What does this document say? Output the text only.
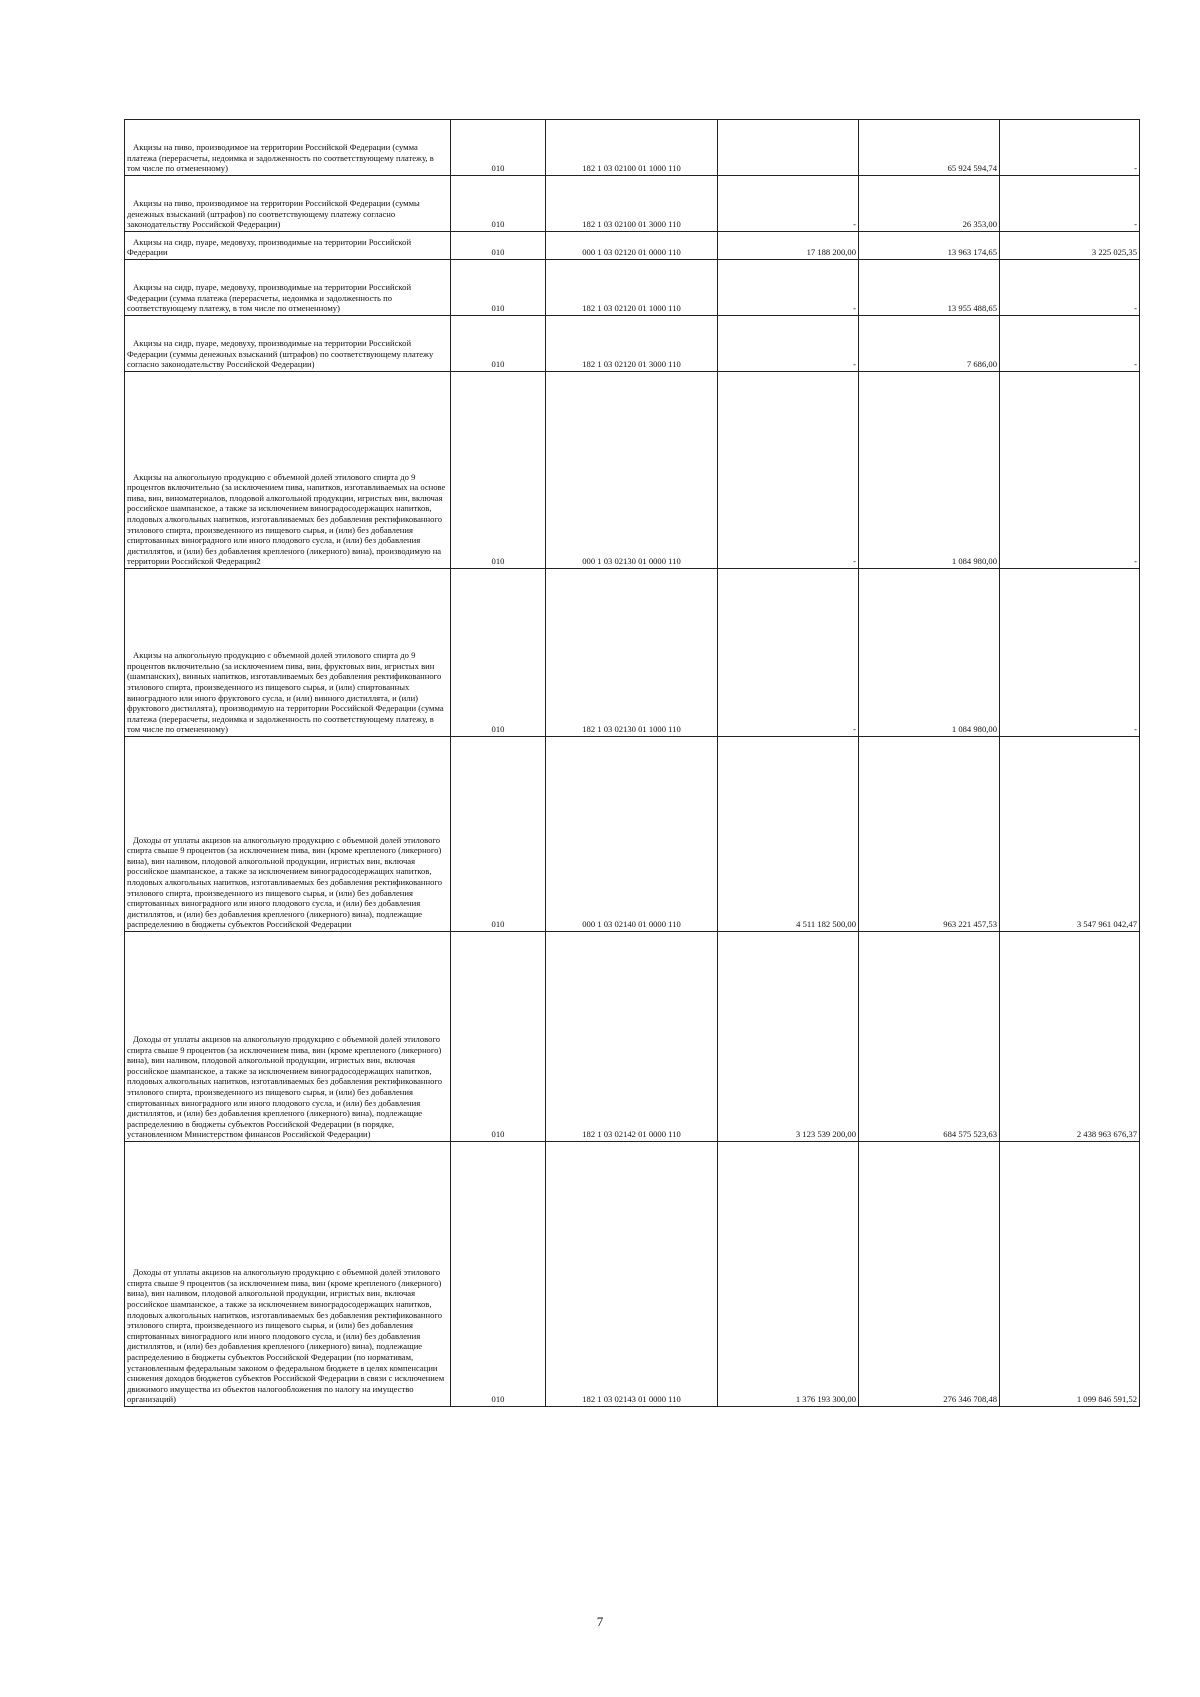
Акцизы на пиво, производимое на территории Российской Федерации (сумма платежа (перерасчеты, недоимка и задолженность по соответствующему платежу, в том числе по отмененному)	010	182 1 03 02100 01 1000 110		65 924 594,74	-

Акцизы на пиво, производимое на территории Российской Федерации (суммы денежных взысканий (штрафов) по соответствующему платежу согласно законодательству Российской Федерации)	010	182 1 03 02100 01 3000 110	-	26 353,00	-

Акцизы на сидр, пуаре, медовуху, производимые на территории Российской Федерации	010	000 1 03 02120 01 0000 110	17 188 200,00	13 963 174,65	3 225 025,35

Акцизы на сидр, пуаре, медовуху, производимые на территории Российской Федерации (сумма платежа (перерасчеты, недоимка и задолженность по соответствующему платежу, в том числе по отмененному)	010	182 1 03 02120 01 1000 110	-	13 955 488,65	-

Акцизы на сидр, пуаре, медовуху, производимые на территории Российской Федерации (суммы денежных взысканий (штрафов) по соответствующему платежу согласно законодательству Российской Федерации)	010	182 1 03 02120 01 3000 110	-	7 686,00	-

Акцизы на алкогольную продукцию с объемной долей этилового спирта до 9 процентов включительно (за исключением пива, напитков, изготавливаемых на основе пива, вин, виноматериалов, плодовой алкогольной продукции, игристых вин, включая российское шампанское, а также за исключением виноградосодержащих напитков, плодовых алкогольных напитков, изготавливаемых без добавления ректификованного этилового спирта, произведенного из пищевого сырья, и (или) без добавления спиртованных виноградного или иного плодового сусла, и (или) без добавления дистиллятов, и (или) без добавления крепленого (ликерного) вина), производимую на территории Российской Федерации2	010	000 1 03 02130 01 0000 110	-	1 084 980,00	-

Акцизы на алкогольную продукцию с объемной долей этилового спирта до 9 процентов включительно (за исключением пива, вин, фруктовых вин, игристых вин (шампанских), винных напитков, изготавливаемых без добавления ректификованного этилового спирта, произведенного из пищевого сырья, и (или) спиртованных виноградного или иного фруктового сусла, и (или) винного дистиллята, и (или) фруктового дистиллята), производимую на территории Российской Федерации (сумма платежа (перерасчеты, недоимка и задолженность по соответствующему платежу, в том числе по отмененному)	010	182 1 03 02130 01 1000 110	-	1 084 980,00	-

Доходы от уплаты акцизов на алкогольную продукцию с объемной долей этилового спирта свыше 9 процентов (за исключением пива, вин (кроме крепленого (ликерного) вина), вин наливом, плодовой алкогольной продукции, игристых вин, включая российское шампанское, а также за исключением виноградосодержащих напитков, плодовых алкогольных напитков, изготавливаемых без добавления ректификованного этилового спирта, произведенного из пищевого сырья, и (или) без добавления спиртованных виноградного или иного плодового сусла, и (или) без добавления дистиллятов, и (или) без добавления крепленого (ликерного) вина), подлежащие распределению в бюджеты субъектов Российской Федерации	010	000 1 03 02140 01 0000 110	4 511 182 500,00	963 221 457,53	3 547 961 042,47

Доходы от уплаты акцизов на алкогольную продукцию с объемной долей этилового спирта свыше 9 процентов (за исключением пива, вин (кроме крепленого (ликерного) вина), вин наливом, плодовой алкогольной продукции, игристых вин, включая российское шампанское, а также за исключением виноградосодержащих напитков, плодовых алкогольных напитков, изготавливаемых без добавления ректификованного этилового спирта, произведенного из пищевого сырья, и (или) без добавления спиртованных виноградного или иного плодового сусла, и (или) без добавления дистиллятов, и (или) без добавления крепленого (ликерного) вина), подлежащие распределению в бюджеты субъектов Российской Федерации (в порядке, установленном Министерством финансов Российской Федерации)	010	182 1 03 02142 01 0000 110	3 123 539 200,00	684 575 523,63	2 438 963 676,37

Доходы от уплаты акцизов на алкогольную продукцию с объемной долей этилового спирта свыше 9 процентов (за исключением пива, вин (кроме крепленого (ликерного) вина), вин наливом, плодовой алкогольной продукции, игристых вин, включая российское шампанское, а также за исключением виноградосодержащих напитков, плодовых алкогольных напитков, изготавливаемых без добавления ректификованного этилового спирта, произведенного из пищевого сырья, и (или) без добавления спиртованных виноградного или иного плодового сусла, и (или) без добавления дистиллятов, и (или) без добавления крепленого (ликерного) вина), подлежащие распределению в бюджеты субъектов Российской Федерации (по нормативам, установленным федеральным законом о федеральном бюджете в целях компенсации снижения доходов бюджетов субъектов Российской Федерации в связи с исключением движимого имущества из объектов налогообложения по налогу на имущество организаций)	010	182 1 03 02143 01 0000 110	1 376 193 300,00	276 346 708,48	1 099 846 591,52
7
